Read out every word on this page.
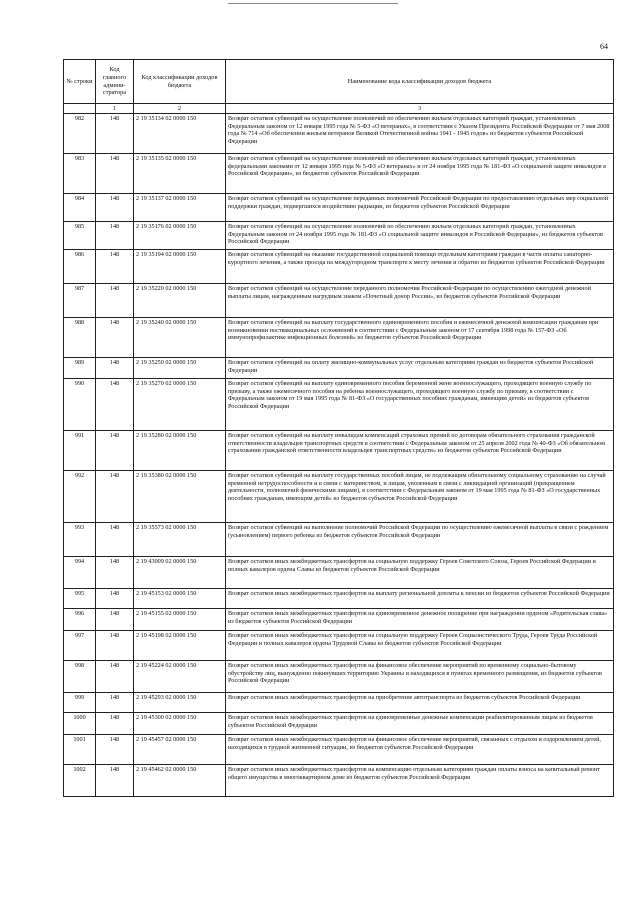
64
№ строки	Код главного админи- стратора	Код классификации доходов бюджета	Наименование кода классификации доходов бюджета
	1	2	3
982	148	2 19 35134 02 0000 150	Возврат остатков субвенций на осуществление полномочий по обеспечению жильем отдельных категорий граждан, установленных Федеральным законом от 12 января 1995 года № 5-ФЗ «О ветеранах», в соответствии с Указом Президента Российской Федерации от 7 мая 2008 года № 714 «Об обеспечении жильем ветеранов Великой Отечественной войны 1941 - 1945 годов» из бюджетов субъектов Российской Федерации
983	148	2 19 35135 02 0000 150	Возврат остатков субвенций на осуществление полномочий по обеспечению жильем отдельных категорий граждан, установленных федеральными законами от 12 января 1995 года № 5-ФЗ «О ветеранах» и от 24 ноября 1995 года № 181-ФЗ «О социальной защите инвалидов в Российской Федерации», из бюджетов субъектов Российской Федерации
984	148	2 19 35137 02 0000 150	Возврат остатков субвенций на осуществление переданных полномочий Российской Федерации по предоставлению отдельных мер социальной поддержки граждан, подвергшихся воздействию радиации, из бюджетов субъектов Российской Федерации
985	148	2 19 35176 02 0000 150	Возврат остатков субвенций на осуществление полномочий по обеспечению жильем отдельных категорий граждан, установленных Федеральным законом от 24 ноября 1995 года № 181-ФЗ «О социальной защите инвалидов в Российской Федерации», из бюджетов субъектов Российской Федерации
986	148	2 19 35194 02 0000 150	Возврат остатков субвенций на оказание государственной социальной помощи отдельным категориям граждан в части оплаты санаторно-курортного лечения, а также проезда на междугородном транспорте к месту лечения и обратно из бюджетов субъектов Российской Федерации
987	148	2 19 35220 02 0000 150	Возврат остатков субвенций на осуществление переданного полномочия Российской Федерации по осуществлению ежегодной денежной выплаты лицам, награжденным нагрудным знаком «Почетный донор России», из бюджетов субъектов Российской Федерации
988	148	2 19 35240 02 0000 150	Возврат остатков субвенций на выплату государственного единовременного пособия и ежемесячной денежной компенсации гражданам при возникновении поствакцинальных осложнений в соответствии с Федеральным законом от 17 сентября 1998 года № 157-ФЗ «Об иммунопрофилактике инфекционных болезней» из бюджетов субъектов Российской Федерации
989	148	2 19 35250 02 0000 150	Возврат остатков субвенций на оплату жилищно-коммунальных услуг отдельным категориям граждан из бюджетов субъектов Российской Федерации
990	148	2 19 35270 02 0000 150	Возврат остатков субвенций на выплату единовременного пособия беременной жене военнослужащего, проходящего военную службу по призыву, а также ежемесячного пособия на ребенка военнослужащего, проходящего военную службу по призыву, в соответствии с Федеральным законом от 19 мая 1995 года № 81-ФЗ «О государственных пособиях гражданам, имеющим детей» из бюджетов субъектов Российской Федерации
991	148	2 19 35280 02 0000 150	Возврат остатков субвенций на выплату инвалидам компенсаций страховых премий по договорам обязательного страхования гражданской ответственности владельцев транспортных средств в соответствии с Федеральным законом от 25 апреля 2002 года № 40-ФЗ «Об обязательном страховании гражданской ответственности владельцев транспортных средств» из бюджетов субъектов Российской Федерации
992	148	2 19 35380 02 0000 150	Возврат остатков субвенций на выплату государственных пособий лицам, не подлежащим обязательному социальному страхованию на случай временной нетрудоспособности и в связи с материнством, и лицам, уволенным в связи с ликвидацией организаций (прекращением деятельности, полномочий физическими лицами), в соответствии с Федеральным законом от 19 мая 1995 года № 81-ФЗ «О государственных пособиях гражданам, имеющим детей» из бюджетов субъектов Российской Федерации
993	148	2 19 35573 02 0000 150	Возврат остатков субвенций на выполнение полномочий Российской Федерации по осуществлению ежемесячной выплаты в связи с рождением (усыновлением) первого ребенка из бюджетов субъектов Российской Федерации
994	148	2 19 43009 02 0000 150	Возврат остатков иных межбюджетных трансфертов на социальную поддержку Героев Советского Союза, Героев Российской Федерации и полных кавалеров ордена Славы из бюджетов субъектов Российской Федерации
995	148	2 19 45153 02 0000 150	Возврат остатков иных межбюджетных трансфертов на выплату региональной доплаты к пенсии из бюджетов субъектов Российской Федерации
996	148	2 19 45155 02 0000 150	Возврат остатков иных межбюджетных трансфертов на единовременное денежное поощрение при награждении орденом «Родительская слава» из бюджетов субъектов Российской Федерации
997	148	2 19 45198 02 0000 150	Возврат остатков иных межбюджетных трансфертов на социальную поддержку Героев Социалистического Труда, Героев Труда Российской Федерации и полных кавалеров ордена Трудовой Славы из бюджетов субъектов Российской Федерации
998	148	2 19 45224 02 0000 150	Возврат остатков иных межбюджетных трансфертов на финансовое обеспечение мероприятий по временному социально-бытовому обустройству лиц, вынужденно покинувших территорию Украины и находящихся в пунктах временного размещения, из бюджетов субъектов Российской Федерации
999	148	2 19 45293 02 0000 150	Возврат остатков иных межбюджетных трансфертов на приобретение автотранспорта из бюджетов субъектов Российской Федерации
1000	148	2 19 45300 02 0000 150	Возврат остатков иных межбюджетных трансфертов на единовременные денежные компенсации реабилитированным лицам из бюджетов субъектов Российской Федерации
1001	148	2 19 45457 02 0000 150	Возврат остатков иных межбюджетных трансфертов на финансовое обеспечение мероприятий, связанных с отдыхом и оздоровлением детей, находящихся в трудной жизненной ситуации, из бюджетов субъектов Российской Федерации
1002	148	2 19 45462 02 0000 150	Возврат остатков иных межбюджетных трансфертов на компенсацию отдельным категориям граждан оплаты взноса на капитальный ремонт общего имущества в многоквартирном доме из бюджетов субъектов Российской Федерации
